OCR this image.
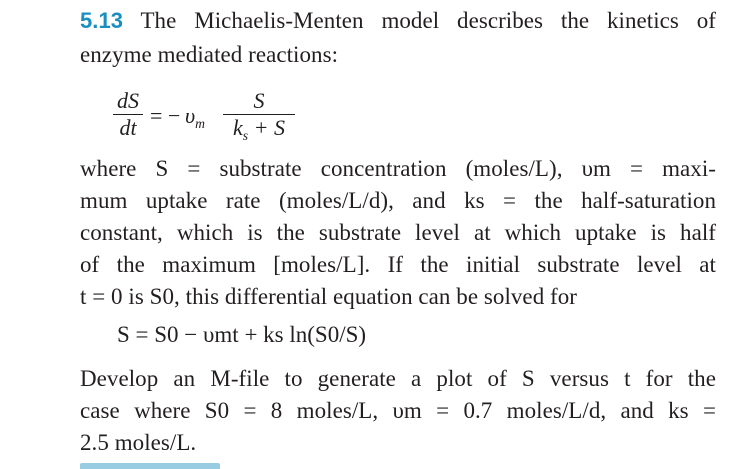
5.13 The Michaelis-Menten model describes the kinetics of
enzyme mediated reactions:
dS
dt = − $\upsilon_m$
S
$k_s + S$
where S = substrate concentration (moles/L), υm = maxi-
mum uptake rate (moles/L/d), and ks = the half-saturation
constant, which is the substrate level at which uptake is half
of the maximum [moles/L]. If the initial substrate level at
t = 0 is S0, this differential equation can be solved for
S = S0 − υmt + ks ln(S0/S)
Develop an M-file to generate a plot of S versus t for the
case where S0 = 8 moles/L, υm = 0.7 moles/L/d, and ks =
2.5 moles/L.
